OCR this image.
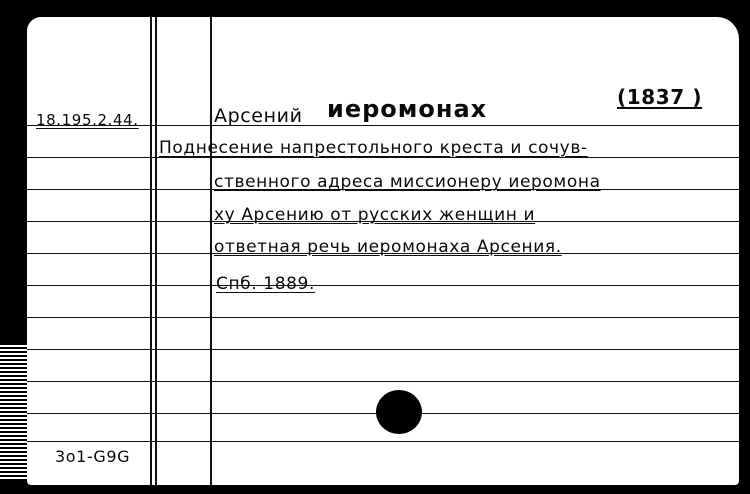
18.195.2.44.	Арсений иеромонах	(1837 )
Поднесение напрестольного креста и сочув-
ственного адреса миссионеру иеромона
ху Арсению от русских женщин и
ответная речь иеромонаха Арсения.
Спб. 1889.
3о1-G9G
